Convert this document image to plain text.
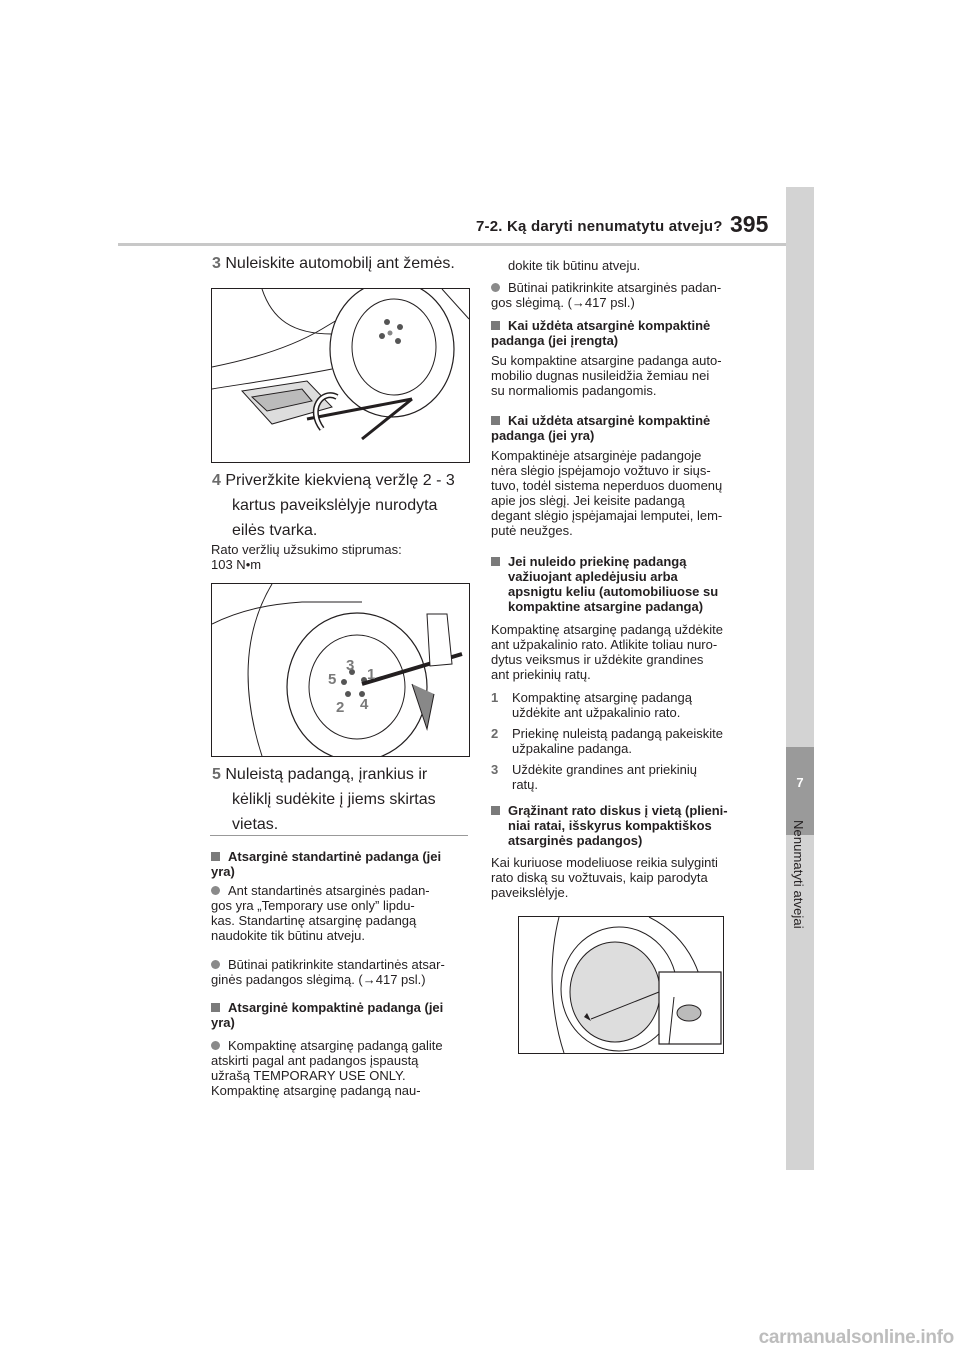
7-2. Ką daryti nenumatytu atveju? 395
7
Nenumatyti atvejai
3 Nuleiskite automobilį ant žemės.
4 Priveržkite kiekvieną veržlę 2 - 3
kartus paveikslėlyje nurodyta
eilės tvarka.
Rato veržlių užsukimo stiprumas:
103 N•m
3
1
5
2 4
5 Nuleistą padangą, įrankius ir
kėliklį sudėkite į jiems skirtas
vietas.
Atsarginė standartinė padanga (jei
yra)
Ant standartinės atsarginės padan-
gos yra „Temporary use only” lipdu-
kas. Standartinę atsarginę padangą
naudokite tik būtinu atveju.
Būtinai patikrinkite standartinės atsar-
ginės padangos slėgimą. (→417 psl.)
Atsarginė kompaktinė padanga (jei
yra)
Kompaktinę atsarginę padangą galite
atskirti pagal ant padangos įspaustą
užrašą TEMPORARY USE ONLY.
Kompaktinę atsarginę padangą nau-
dokite tik būtinu atveju.
Būtinai patikrinkite atsarginės padan-
gos slėgimą. (→417 psl.)
Kai uždėta atsarginė kompaktinė
padanga (jei įrengta)
Su kompaktine atsargine padanga auto-
mobilio dugnas nusileidžia žemiau nei
su normaliomis padangomis.
Kai uždėta atsarginė kompaktinė
padanga (jei yra)
Kompaktinėje atsarginėje padangoje
nėra slėgio įspėjamojo vožtuvo ir siųs-
tuvo, todėl sistema neperduos duomenų
apie jos slėgį. Jei keisite padangą
degant slėgio įspėjamajai lemputei, lem-
putė neužges.
Jei nuleido priekinę padangą
važiuojant apledėjusiu arba
apsnigtu keliu (automobiliuose su
kompaktine atsargine padanga)
Kompaktinę atsarginę padangą uždėkite
ant užpakalinio rato. Atlikite toliau nuro-
dytus veiksmus ir uždėkite grandines
ant priekinių ratų.
1 Kompaktinę atsarginę padangą
uždėkite ant užpakalinio rato.
2 Priekinę nuleistą padangą pakeiskite
užpakaline padanga.
3 Uždėkite grandines ant priekinių
ratų.
Grąžinant rato diskus į vietą (plieni-
niai ratai, išskyrus kompaktiškos
atsarginės padangos)
Kai kuriuose modeliuose reikia sulyginti
rato diską su vožtuvais, kaip parodyta
paveikslėlyje.
carmanualsonline.info
